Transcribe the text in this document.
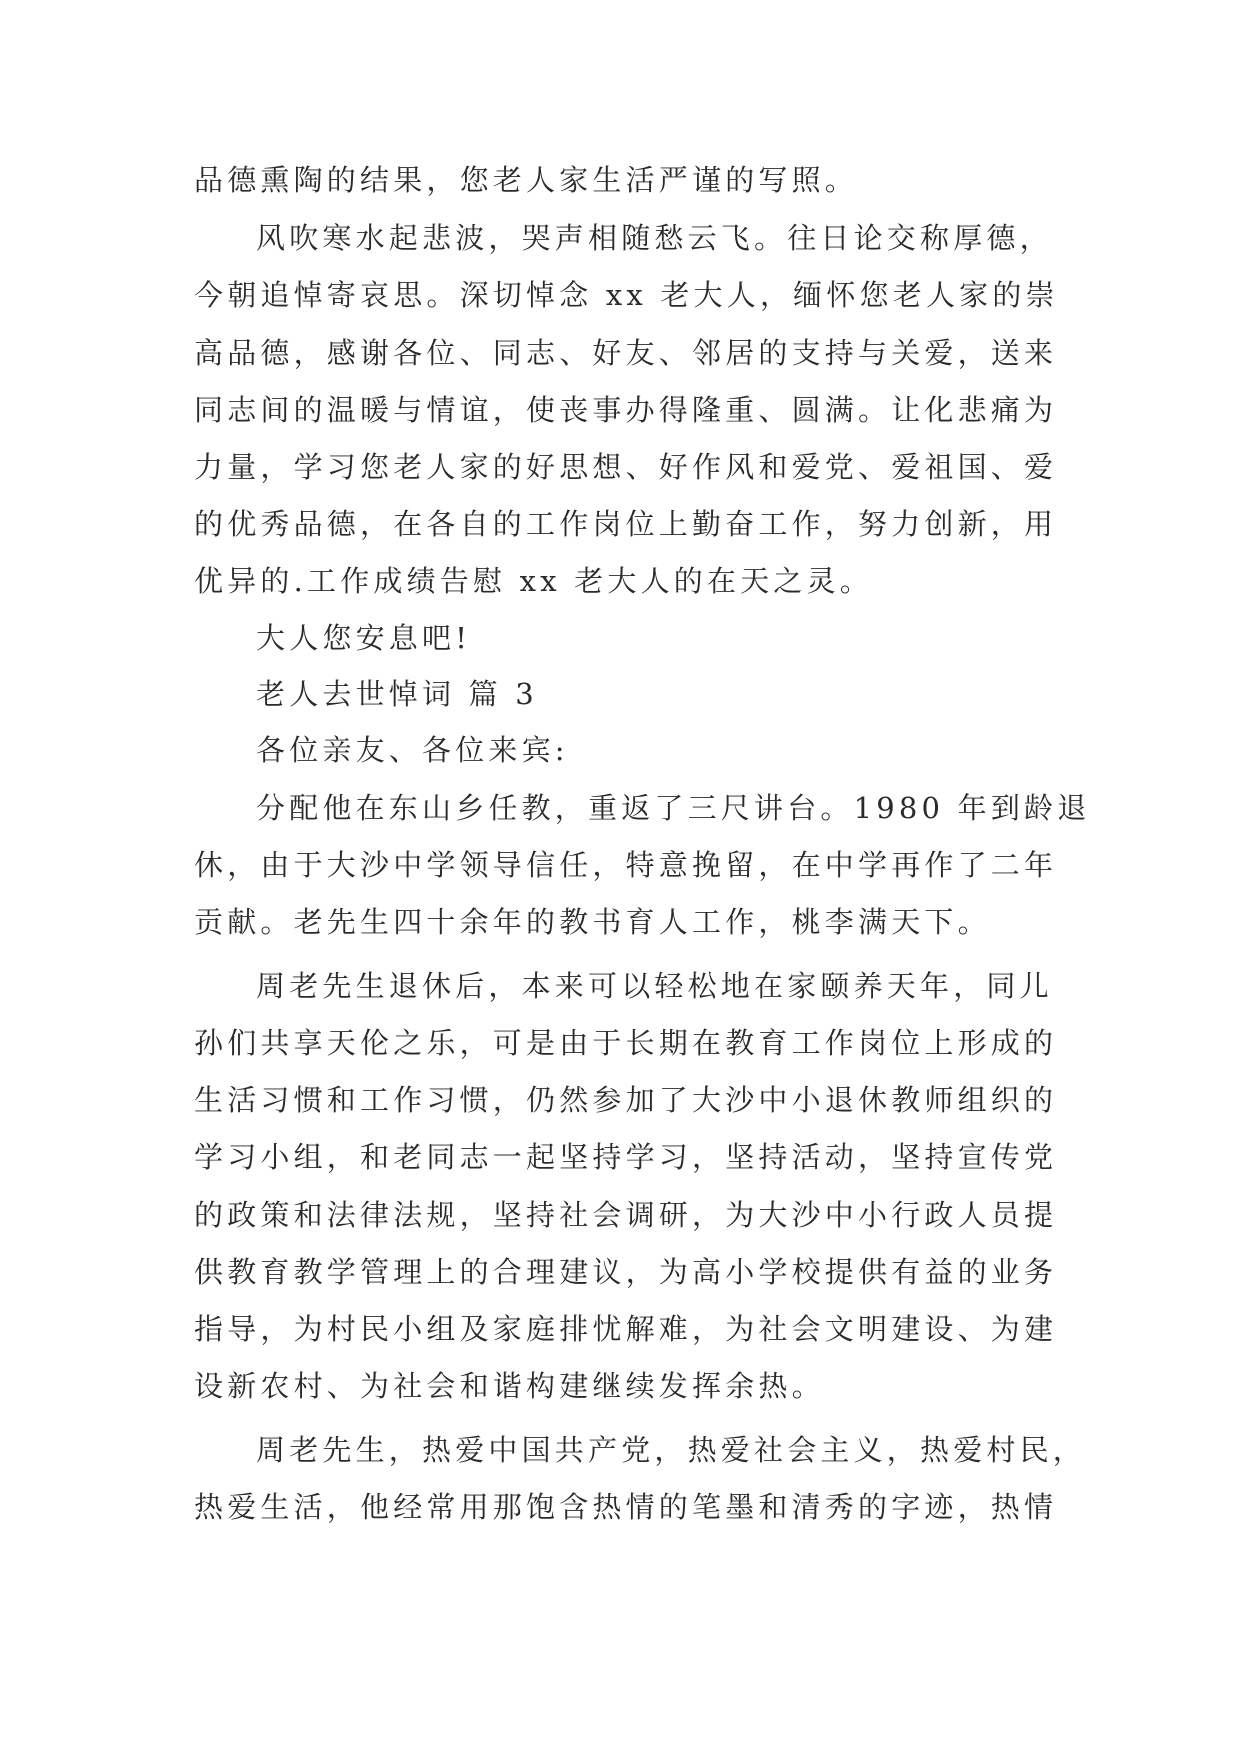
品德熏陶的结果，您老人家生活严谨的写照。
风吹寒水起悲波，哭声相随愁云飞。往日论交称厚德，
今朝追悼寄哀思。深切悼念 xx 老大人，缅怀您老人家的崇
高品德，感谢各位、同志、好友、邻居的支持与关爱，送来
同志间的温暖与情谊，使丧事办得隆重、圆满。让化悲痛为
力量，学习您老人家的好思想、好作风和爱党、爱祖国、爱
的优秀品德，在各自的工作岗位上勤奋工作，努力创新，用
优异的.工作成绩告慰 xx 老大人的在天之灵。
大人您安息吧!
老人去世悼词 篇 3
各位亲友、各位来宾:
分配他在东山乡任教，重返了三尺讲台。1980 年到龄退
休，由于大沙中学领导信任，特意挽留，在中学再作了二年
贡献。老先生四十余年的教书育人工作，桃李满天下。
周老先生退休后，本来可以轻松地在家颐养天年，同儿
孙们共享天伦之乐，可是由于长期在教育工作岗位上形成的
生活习惯和工作习惯，仍然参加了大沙中小退休教师组织的
学习小组，和老同志一起坚持学习，坚持活动，坚持宣传党
的政策和法律法规，坚持社会调研，为大沙中小行政人员提
供教育教学管理上的合理建议，为高小学校提供有益的业务
指导，为村民小组及家庭排忧解难，为社会文明建设、为建
设新农村、为社会和谐构建继续发挥余热。
周老先生，热爱中国共产党，热爱社会主义，热爱村民，
热爱生活，他经常用那饱含热情的笔墨和清秀的字迹，热情
